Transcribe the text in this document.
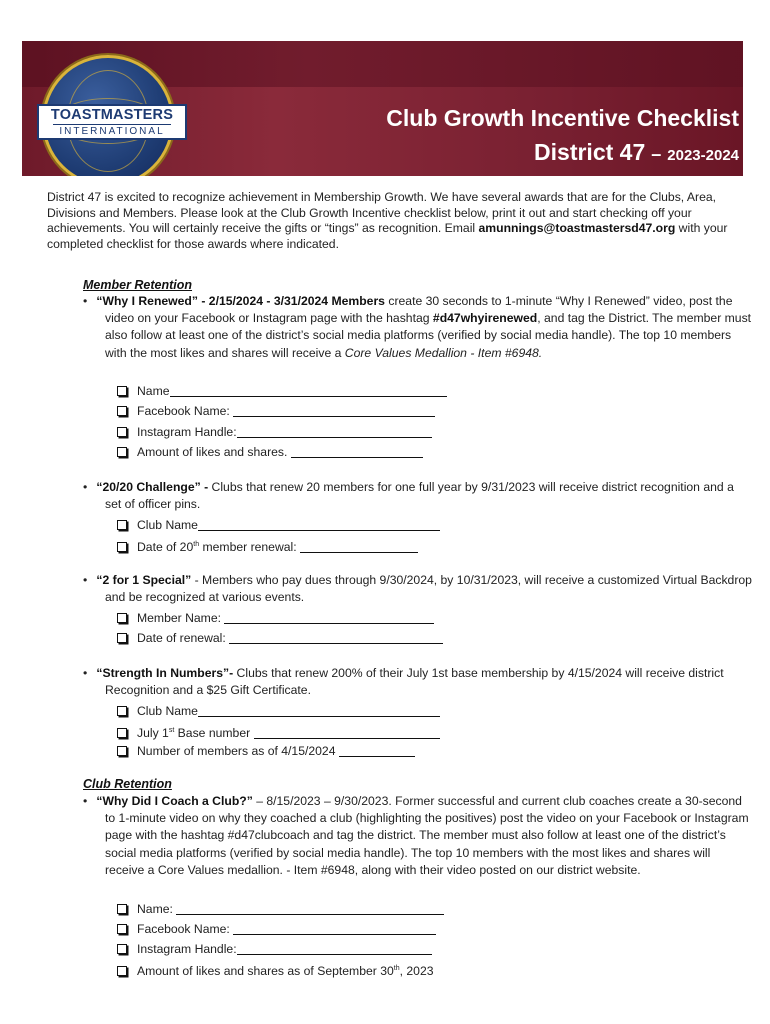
TOASTMASTERS
INTERNATIONAL
Club Growth Incentive Checklist
District 47 – 2023-2024
District 47 is excited to recognize achievement in Membership Growth. We have several awards that are for the Clubs, Area, Divisions and Members. Please look at the Club Growth Incentive checklist below, print it out and start checking off your achievements. You will certainly receive the gifts or “tings” as recognition. Email amunnings@toastmastersd47.org with your completed checklist for those awards where indicated.
Member Retention
• “Why I Renewed” - 2/15/2024 - 3/31/2024 Members create 30 seconds to 1-minute “Why I Renewed” video, post the video on your Facebook or Instagram page with the hashtag #d47whyirenewed, and tag the District. The member must also follow at least one of the district’s social media platforms (verified by social media handle). The top 10 members with the most likes and shares will receive a Core Values Medallion - Item #6948.
Name
Facebook Name:
Instagram Handle:
Amount of likes and shares.
• “20/20 Challenge” - Clubs that renew 20 members for one full year by 9/31/2023 will receive district recognition and a set of officer pins.
Club Name
Date of 20th member renewal:
• “2 for 1 Special” - Members who pay dues through 9/30/2024, by 10/31/2023, will receive a customized Virtual Backdrop and be recognized at various events.
Member Name:
Date of renewal:
• “Strength In Numbers”- Clubs that renew 200% of their July 1st base membership by 4/15/2024 will receive district Recognition and a $25 Gift Certificate.
Club Name
July 1st Base number
Number of members as of 4/15/2024
Club Retention
• “Why Did I Coach a Club?” – 8/15/2023 – 9/30/2023. Former successful and current club coaches create a 30-second to 1-minute video on why they coached a club (highlighting the positives) post the video on your Facebook or Instagram page with the hashtag #d47clubcoach and tag the district. The member must also follow at least one of the district’s social media platforms (verified by social media handle). The top 10 members with the most likes and shares will receive a Core Values medallion. - Item #6948, along with their video posted on our district website.
Name:
Facebook Name:
Instagram Handle:
Amount of likes and shares as of September 30th, 2023
